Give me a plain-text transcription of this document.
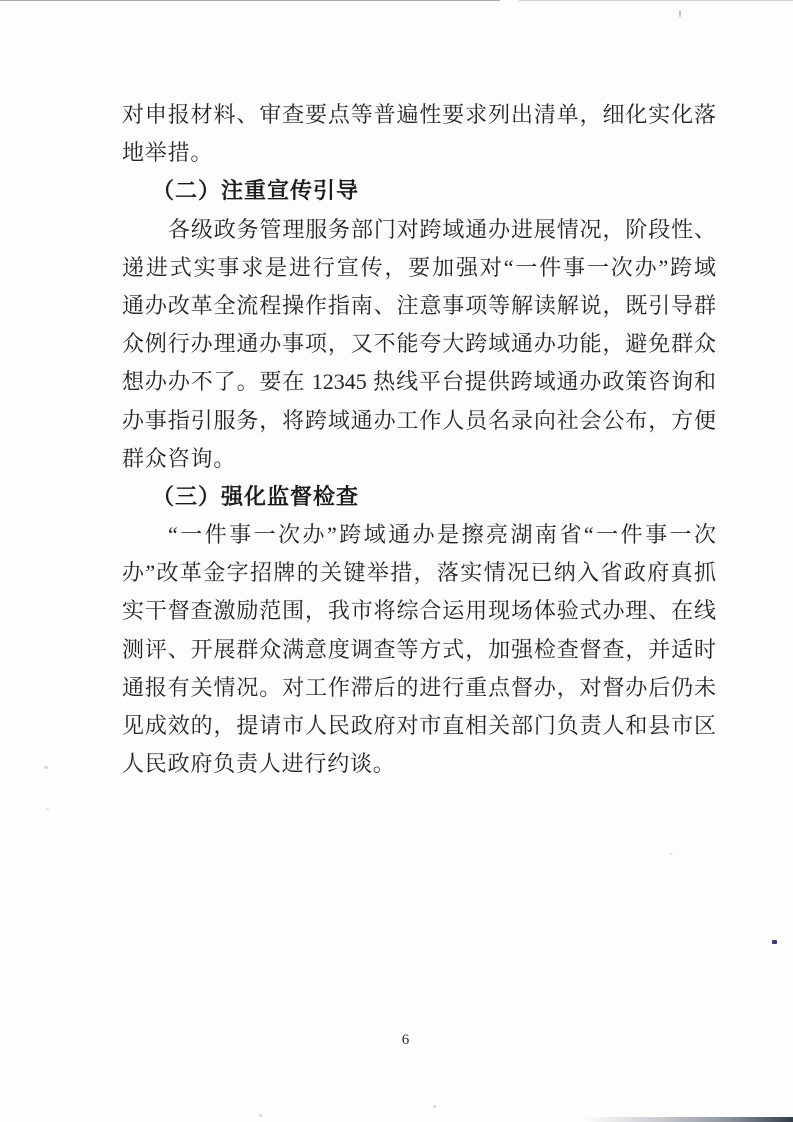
对申报材料、审查要点等普遍性要求列出清单，细化实化落
地举措。
（二）注重宣传引导
各级政务管理服务部门对跨域通办进展情况，阶段性、
递进式实事求是进行宣传，要加强对“一件事一次办”跨域
通办改革全流程操作指南、注意事项等解读解说，既引导群
众例行办理通办事项，又不能夸大跨域通办功能，避免群众
想办办不了。要在 12345 热线平台提供跨域通办政策咨询和
办事指引服务，将跨域通办工作人员名录向社会公布，方便
群众咨询。
（三）强化监督检查
“一件事一次办”跨域通办是擦亮湖南省“一件事一次
办”改革金字招牌的关键举措，落实情况已纳入省政府真抓
实干督查激励范围，我市将综合运用现场体验式办理、在线
测评、开展群众满意度调查等方式，加强检查督查，并适时
通报有关情况。对工作滞后的进行重点督办，对督办后仍未
见成效的，提请市人民政府对市直相关部门负责人和县市区
人民政府负责人进行约谈。
6
